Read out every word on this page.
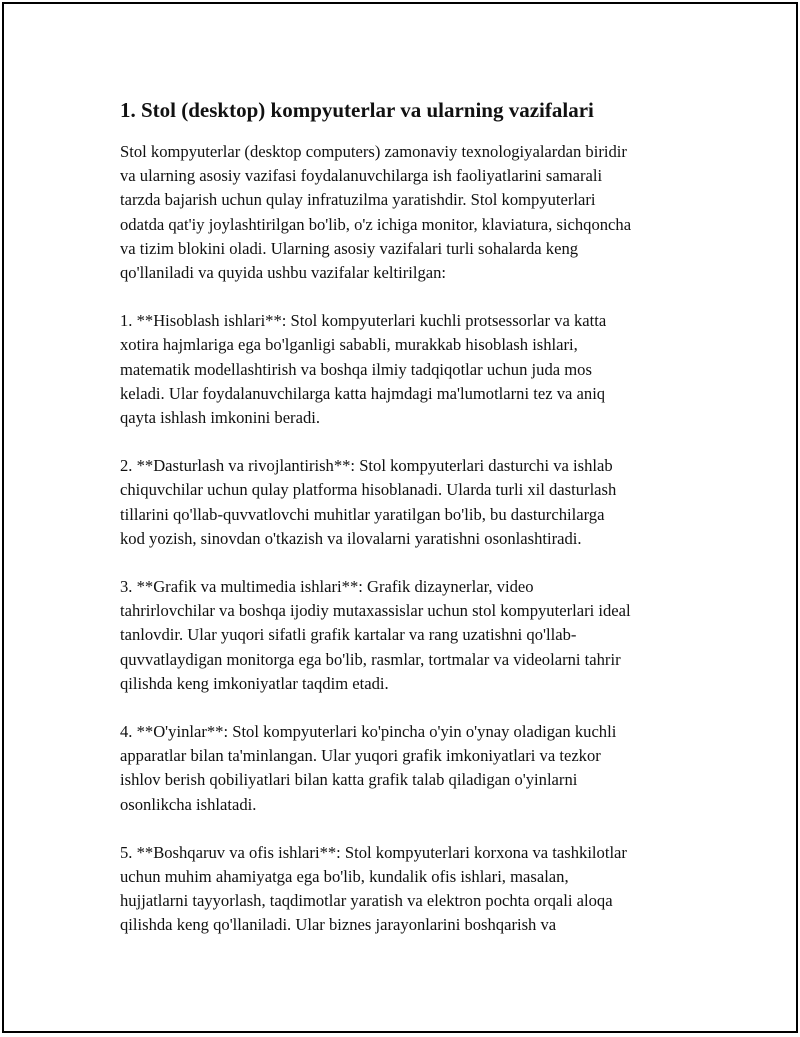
1. Stol (desktop) kompyuterlar va ularning vazifalari

Stol kompyuterlar (desktop computers) zamonaviy texnologiyalardan biridir
va ularning asosiy vazifasi foydalanuvchilarga ish faoliyatlarini samarali
tarzda bajarish uchun qulay infratuzilma yaratishdir. Stol kompyuterlari
odatda qat'iy joylashtirilgan bo'lib, o'z ichiga monitor, klaviatura, sichqoncha
va tizim blokini oladi. Ularning asosiy vazifalari turli sohalarda keng
qo'llaniladi va quyida ushbu vazifalar keltirilgan:

1. **Hisoblash ishlari**: Stol kompyuterlari kuchli protsessorlar va katta
xotira hajmlariga ega bo'lganligi sababli, murakkab hisoblash ishlari,
matematik modellashtirish va boshqa ilmiy tadqiqotlar uchun juda mos
keladi. Ular foydalanuvchilarga katta hajmdagi ma'lumotlarni tez va aniq
qayta ishlash imkonini beradi.

2. **Dasturlash va rivojlantirish**: Stol kompyuterlari dasturchi va ishlab
chiquvchilar uchun qulay platforma hisoblanadi. Ularda turli xil dasturlash
tillarini qo'llab-quvvatlovchi muhitlar yaratilgan bo'lib, bu dasturchilarga
kod yozish, sinovdan o'tkazish va ilovalarni yaratishni osonlashtiradi.

3. **Grafik va multimedia ishlari**: Grafik dizaynerlar, video
tahrirlovchilar va boshqa ijodiy mutaxassislar uchun stol kompyuterlari ideal
tanlovdir. Ular yuqori sifatli grafik kartalar va rang uzatishni qo'llab-
quvvatlaydigan monitorga ega bo'lib, rasmlar, tortmalar va videolarni tahrir
qilishda keng imkoniyatlar taqdim etadi.

4. **O'yinlar**: Stol kompyuterlari ko'pincha o'yin o'ynay oladigan kuchli
apparatlar bilan ta'minlangan. Ular yuqori grafik imkoniyatlari va tezkor
ishlov berish qobiliyatlari bilan katta grafik talab qiladigan o'yinlarni
osonlikcha ishlatadi.

5. **Boshqaruv va ofis ishlari**: Stol kompyuterlari korxona va tashkilotlar
uchun muhim ahamiyatga ega bo'lib, kundalik ofis ishlari, masalan,
hujjatlarni tayyorlash, taqdimotlar yaratish va elektron pochta orqali aloqa
qilishda keng qo'llaniladi. Ular biznes jarayonlarini boshqarish va
